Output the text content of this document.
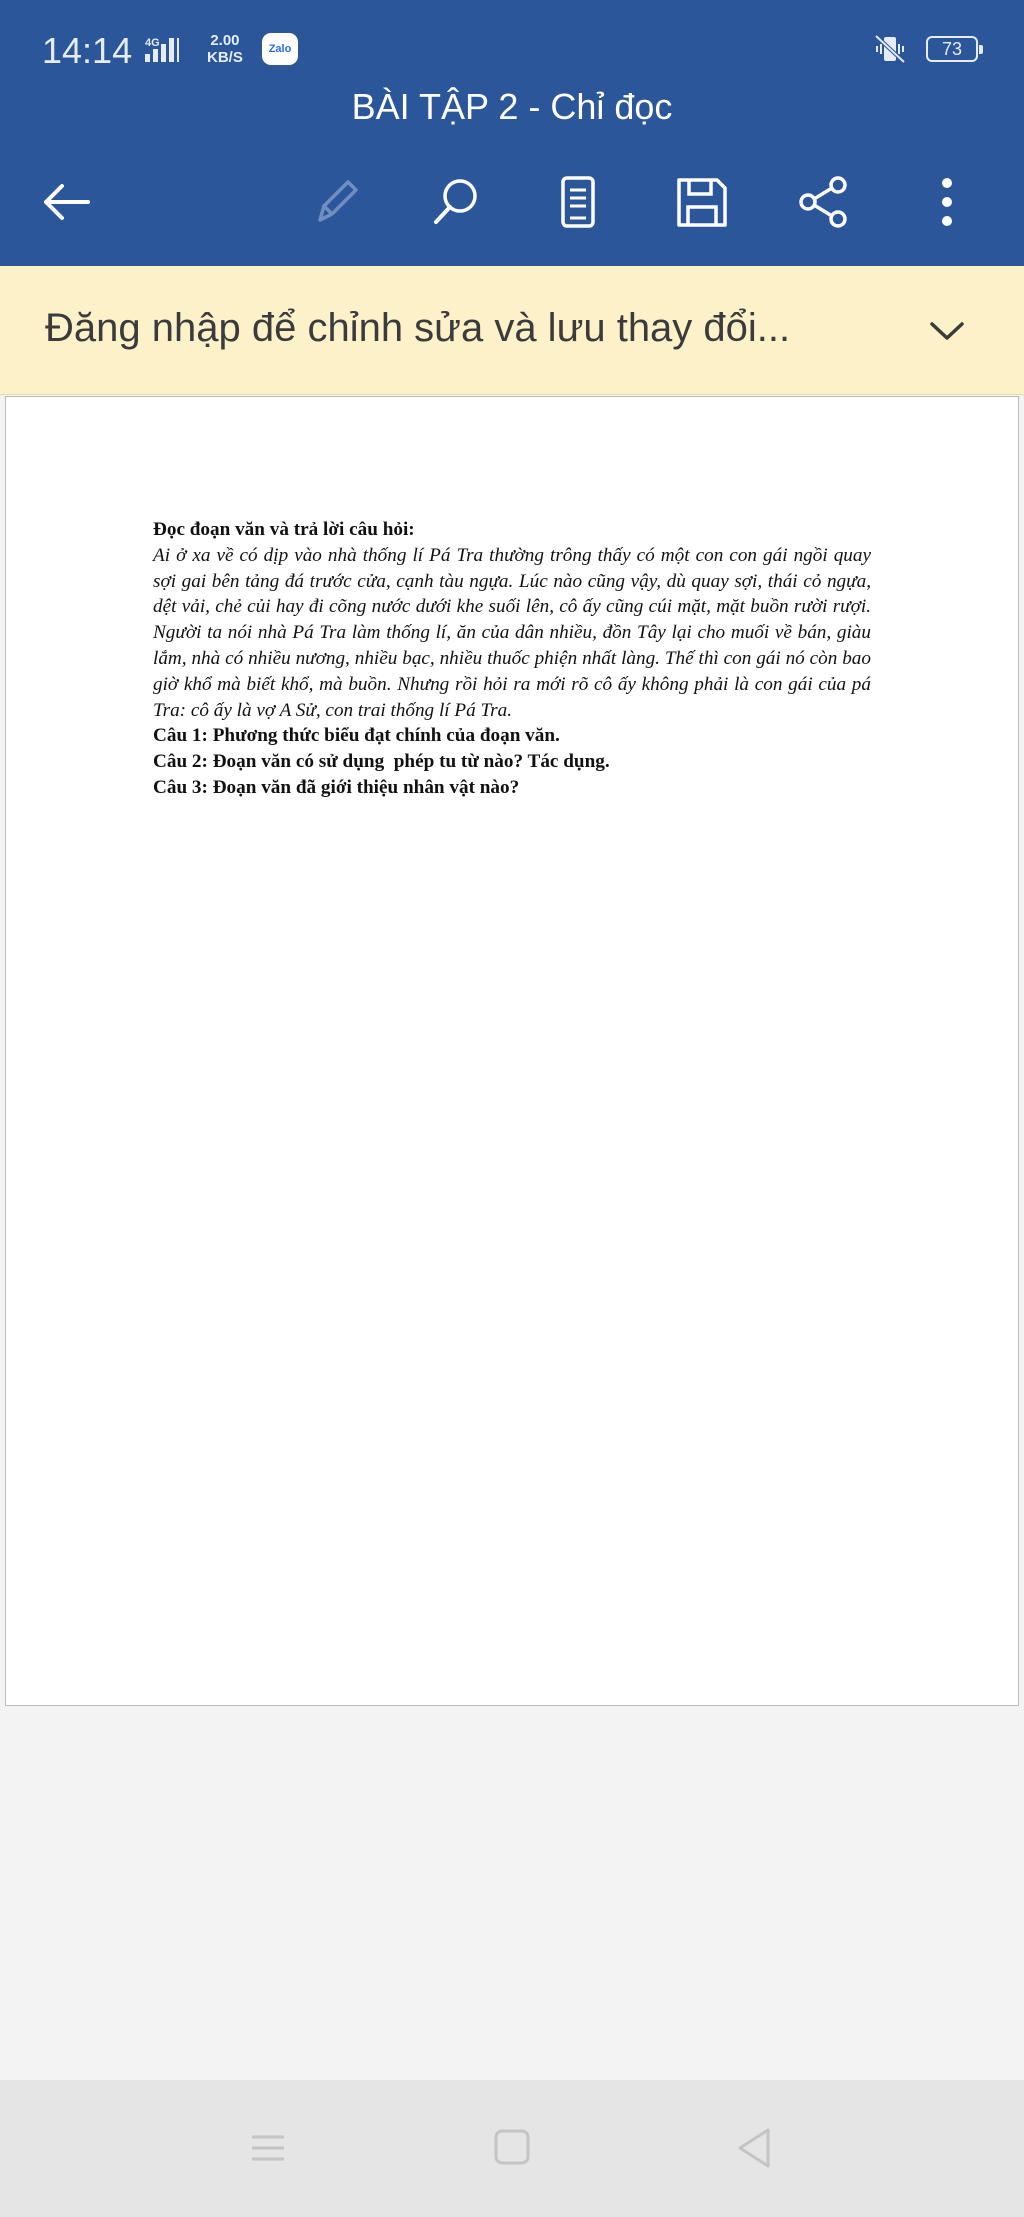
14:14 4G	2.00
KB/S	Zalo	73
BÀI TẬP 2 - Chỉ đọc
Đăng nhập để chỉnh sửa và lưu thay đổi...
Đọc đoạn văn và trả lời câu hỏi:
Ai ở xa về có dịp vào nhà thống lí Pá Tra thường trông thấy có một con con gái ngồi quay sợi gai bên tảng đá trước cửa, cạnh tàu ngựa. Lúc nào cũng vậy, dù quay sợi, thái cỏ ngựa, dệt vải, chẻ củi hay đi cõng nước dưới khe suối lên, cô ấy cũng cúi mặt, mặt buồn rười rượi. Người ta nói nhà Pá Tra làm thống lí, ăn của dân nhiều, đồn Tây lại cho muối về bán, giàu lắm, nhà có nhiều nương, nhiều bạc, nhiều thuốc phiện nhất làng. Thế thì con gái nó còn bao giờ khổ mà biết khổ, mà buồn. Nhưng rồi hỏi ra mới rõ cô ấy không phải là con gái của pá Tra: cô ấy là vợ A Sử, con trai thống lí Pá Tra.
Câu 1: Phương thức biểu đạt chính của đoạn văn.
Câu 2: Đoạn văn có sử dụng  phép tu từ nào? Tác dụng.
Câu 3: Đoạn văn đã giới thiệu nhân vật nào?
